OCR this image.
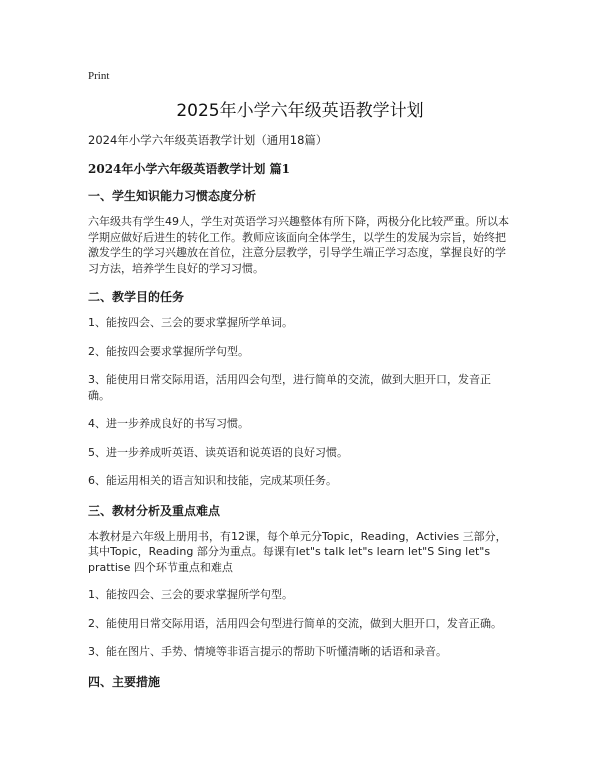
Print
2025年小学六年级英语教学计划

2024年小学六年级英语教学计划（通用18篇）

2024年小学六年级英语教学计划 篇1

一、学生知识能力习惯态度分析

六年级共有学生49人，学生对英语学习兴趣整体有所下降，两极分化比较严重。所以本学期应做好后进生的转化工作。教师应该面向全体学生，以学生的发展为宗旨，始终把激发学生的学习兴趣放在首位，注意分层教学，引导学生端正学习态度，掌握良好的学习方法，培养学生良好的学习习惯。

二、教学目的任务

1、能按四会、三会的要求掌握所学单词。

2、能按四会要求掌握所学句型。

3、能使用日常交际用语，活用四会句型，进行简单的交流，做到大胆开口，发音正确。

4、进一步养成良好的书写习惯。

5、进一步养成听英语、读英语和说英语的良好习惯。

6、能运用相关的语言知识和技能，完成某项任务。

三、教材分析及重点难点

本教材是六年级上册用书，有12课，每个单元分Topic，Reading，Activies 三部分，其中Topic，Reading 部分为重点。每课有let"s talk let"s learn let"S Sing let"s prattise 四个环节重点和难点

1、能按四会、三会的要求掌握所学句型。

2、能使用日常交际用语，活用四会句型进行简单的交流，做到大胆开口，发音正确。

3、能在图片、手势、情境等非语言提示的帮助下听懂清晰的话语和录音。

四、主要措施
